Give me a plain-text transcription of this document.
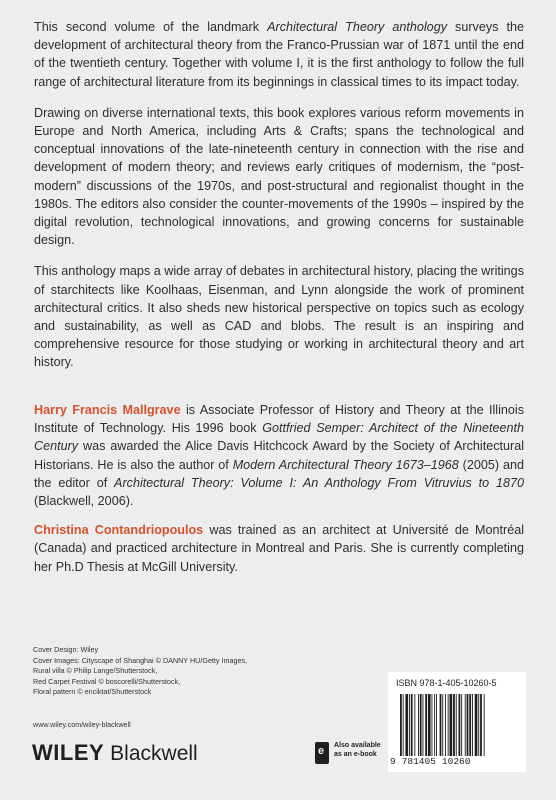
This second volume of the landmark Architectural Theory anthology surveys the development of architectural theory from the Franco-Prussian war of 1871 until the end of the twentieth century. Together with volume I, it is the first anthology to follow the full range of architectural literature from its beginnings in classical times to its impact today.

Drawing on diverse international texts, this book explores various reform movements in Europe and North America, including Arts & Crafts; spans the technological and conceptual innovations of the late-nineteenth century in connection with the rise and development of modern theory; and reviews early critiques of modernism, the “post-modern” discussions of the 1970s, and post-structural and regionalist thought in the 1980s. The editors also consider the counter-movements of the 1990s – inspired by the digital revolution, technological innovations, and growing concerns for sustainable design.

This anthology maps a wide array of debates in architectural history, placing the writings of starchitects like Koolhaas, Eisenman, and Lynn alongside the work of prominent architectural critics. It also sheds new historical perspective on topics such as ecology and sustainability, as well as CAD and blobs. The result is an inspiring and comprehensive resource for those studying or working in architectural theory and art history.

Harry Francis Mallgrave is Associate Professor of History and Theory at the Illinois Institute of Technology. His 1996 book Gottfried Semper: Architect of the Nineteenth Century was awarded the Alice Davis Hitchcock Award by the Society of Architectural Historians. He is also the author of Modern Architectural Theory 1673–1968 (2005) and the editor of Architectural Theory: Volume I: An Anthology From Vitruvius to 1870 (Blackwell, 2006).

Christina Contandriopoulos was trained as an architect at Université de Montréal (Canada) and practiced architecture in Montreal and Paris. She is currently completing her Ph.D Thesis at McGill University.

Cover Design: Wiley
Cover Images: Cityscape of Shanghai © DANNY HU/Getty Images,
Rural villa © Philip Lange/Shutterstock,
Red Carpet Festival © boscorelli/Shutterstock,
Floral pattern © enciktat/Shutterstock
www.wiley.com/wiley-blackwell
WILEY Blackwell
e	Also available
as an e-book
ISBN 978-1-405-10260-5
9 781405 10260
